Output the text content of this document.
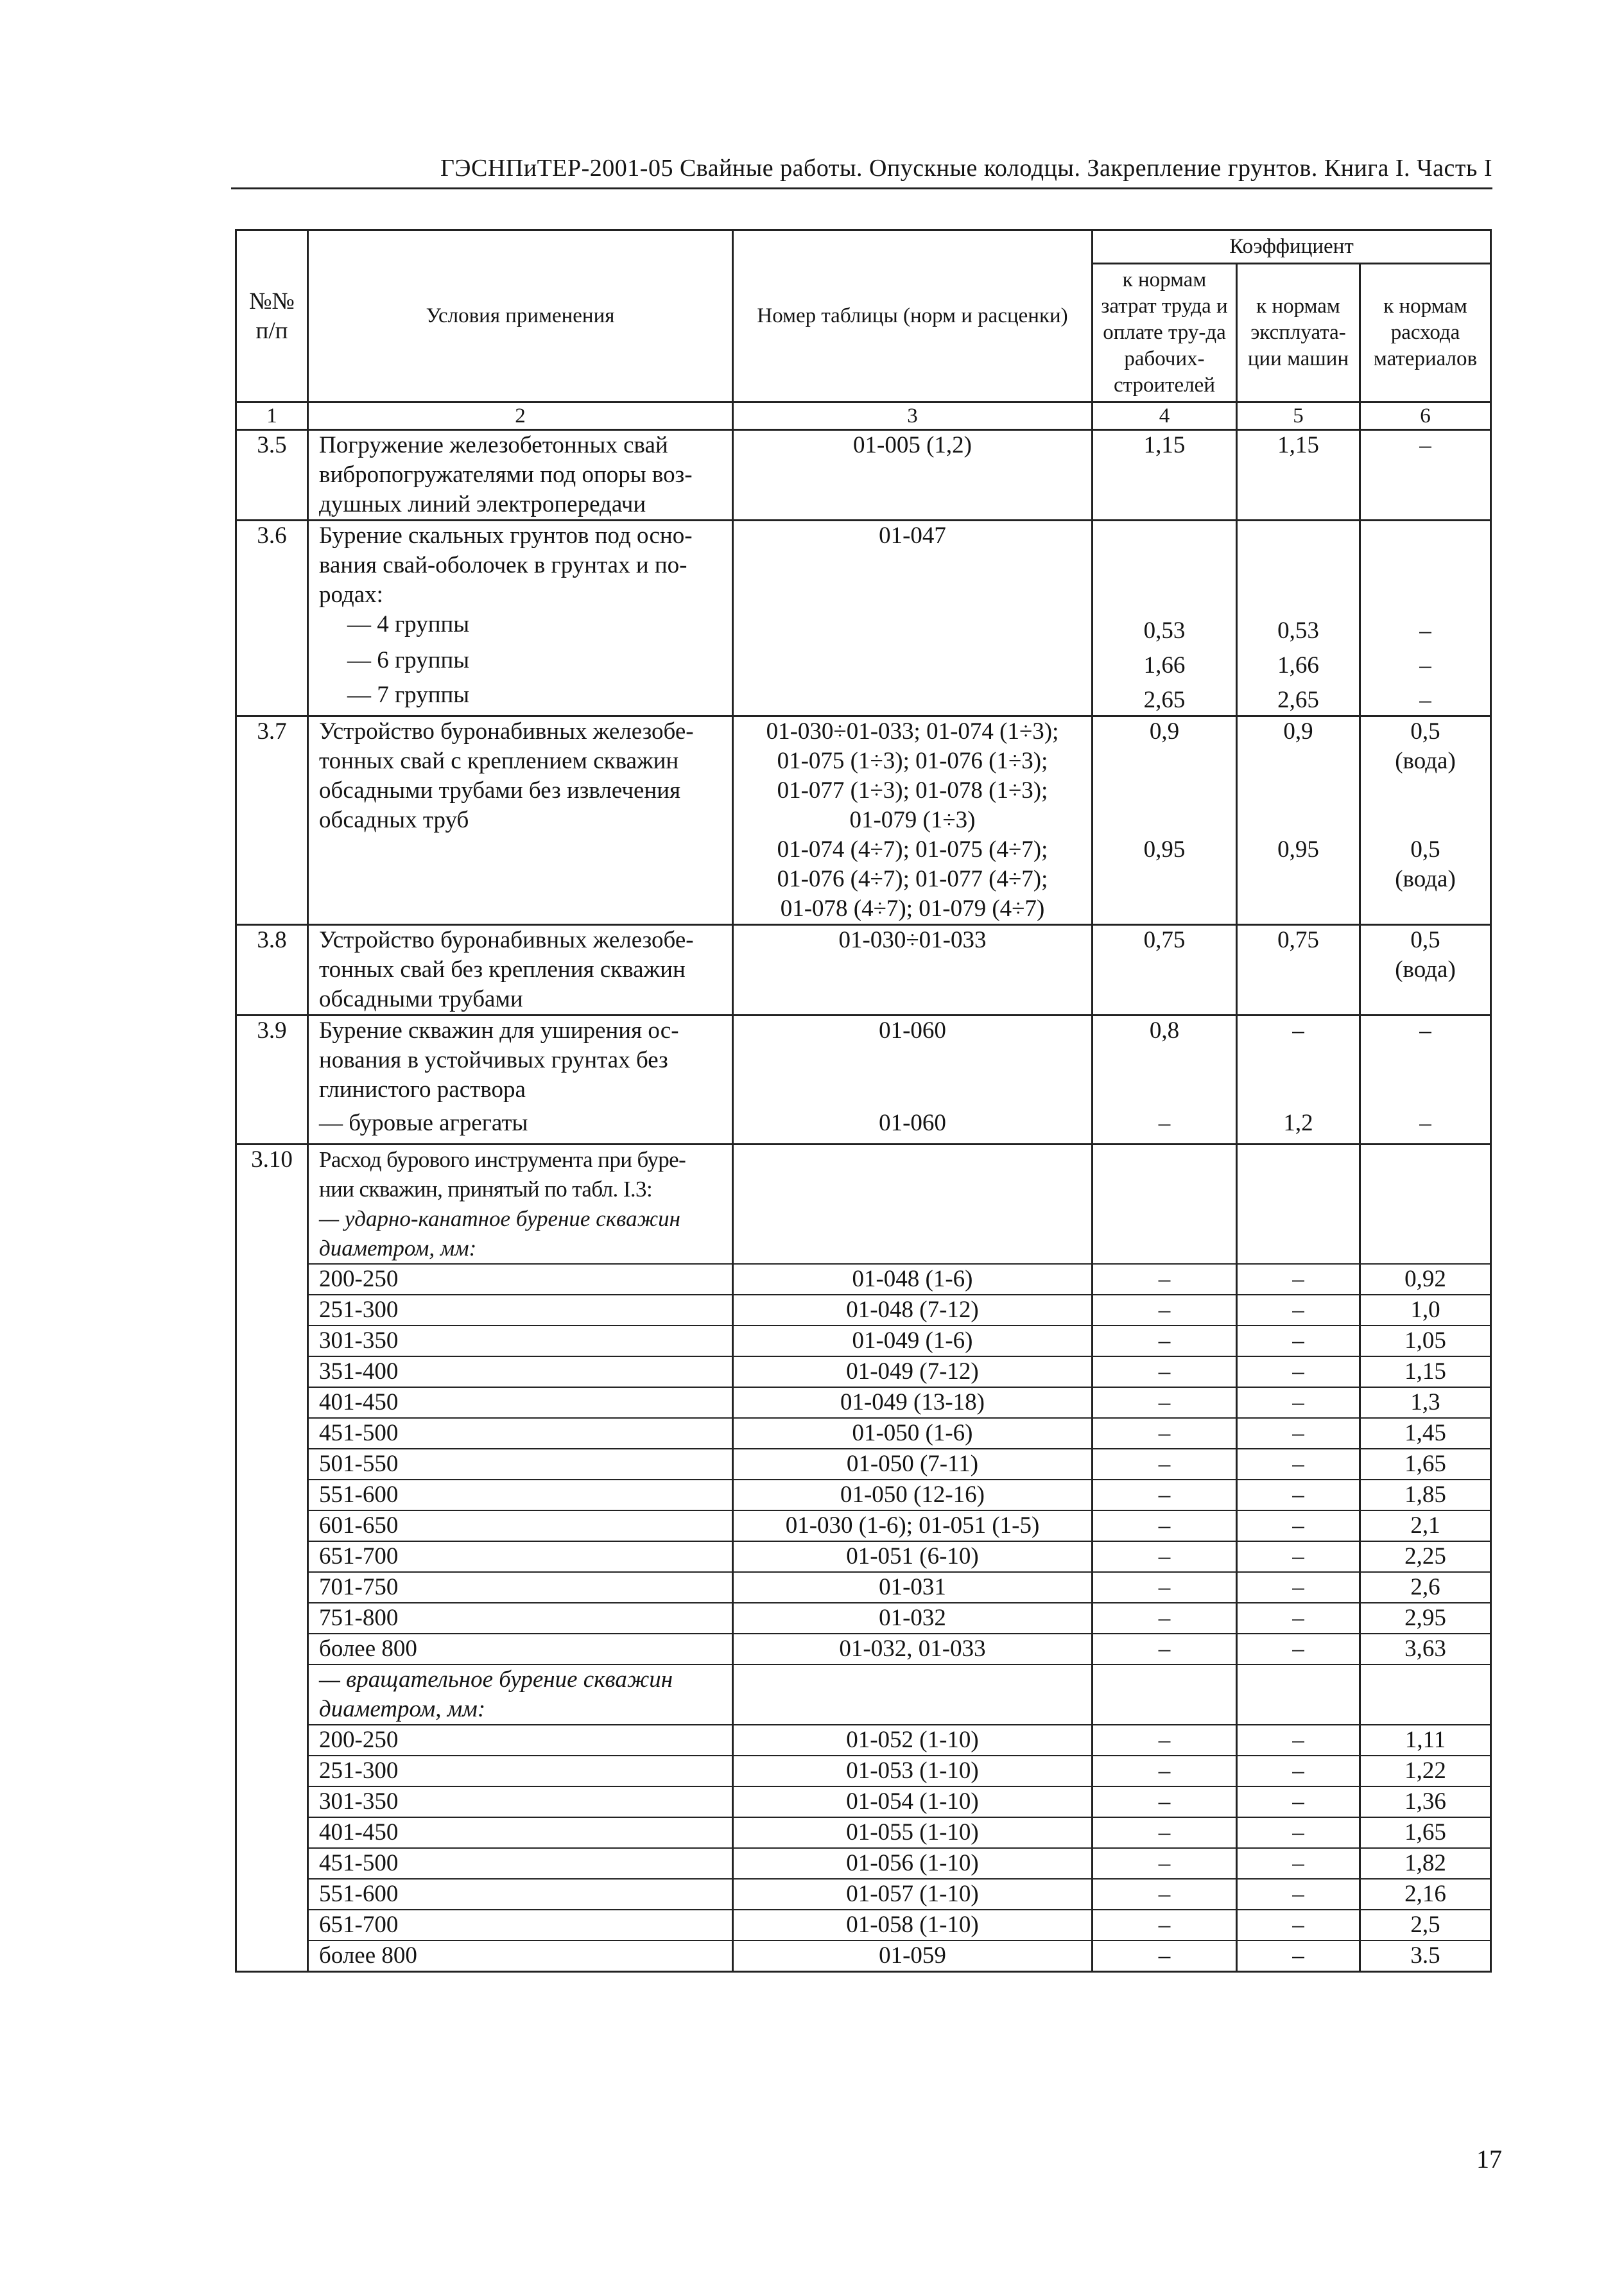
ГЭСНПиТЕР-2001-05 Свайные работы. Опускные колодцы. Закрепление грунтов. Книга I. Часть I
№№ п/п	Условия применения	Номер таблицы (норм и расценки)	Коэффициент		
			к нормам затрат труда и оплате тру-да рабочих-строителей	к нормам эксплуата-ции машин	к нормам расхода материалов
1	2	3	4	5	6
3.5	Погружение железобетонных свай
вибропогружателями под опоры воз-
душных линий электропередачи	01-005 (1,2)	1,15	1,15	–
3.6	Бурение скальных грунтов под осно-
вания свай-оболочек в грунтах и по-
родах:	01-047			
	— 4 группы		0,53	0,53	–
	— 6 группы		1,66	1,66	–
	— 7 группы		2,65	2,65	–
3.7	Устройство буронабивных железобе-
тонных свай с креплением скважин
обсадными трубами без извлечения
обсадных труб	01-030÷01-033; 01-074 (1÷3);
01-075 (1÷3); 01-076 (1÷3);
01-077 (1÷3); 01-078 (1÷3);
01-079 (1÷3)	0,9	0,9	0,5
(вода)

		01-074 (4÷7); 01-075 (4÷7);
01-076 (4÷7); 01-077 (4÷7);
01-078 (4÷7); 01-079 (4÷7)	0,95	0,95	0,5
(вода)

3.8	Устройство буронабивных железобе-
тонных свай без крепления скважин
обсадными трубами	01-030÷01-033	0,75	0,75	0,5
(вода)

3.9	Бурение скважин для уширения ос-
нования в устойчивых грунтах без
глинистого раствора	01-060	0,8	–	–
	— буровые агрегаты	01-060	–	1,2	–
3.10	Расход бурового инструмента при буре-
нии скважин, принятый по табл. I.3:
— ударно-канатное бурение скважин
диаметром, мм:				

	200-250	01-048 (1-6)	–	–	0,92
	251-300	01-048 (7-12)	–	–	1,0
	301-350	01-049 (1-6)	–	–	1,05
	351-400	01-049 (7-12)	–	–	1,15
	401-450	01-049 (13-18)	–	–	1,3
	451-500	01-050 (1-6)	–	–	1,45
	501-550	01-050 (7-11)	–	–	1,65
	551-600	01-050 (12-16)	–	–	1,85
	601-650	01-030 (1-6); 01-051 (1-5)	–	–	2,1
	651-700	01-051 (6-10)	–	–	2,25
	701-750	01-031	–	–	2,6
	751-800	01-032	–	–	2,95
	более 800	01-032, 01-033	–	–	3,63

	— вращательное бурение скважин
диаметром, мм:				

	200-250	01-052 (1-10)	–	–	1,11
	251-300	01-053 (1-10)	–	–	1,22
	301-350	01-054 (1-10)	–	–	1,36
	401-450	01-055 (1-10)	–	–	1,65
	451-500	01-056 (1-10)	–	–	1,82
	551-600	01-057 (1-10)	–	–	2,16
	651-700	01-058 (1-10)	–	–	2,5
	более 800	01-059	–	–	3.5
17
